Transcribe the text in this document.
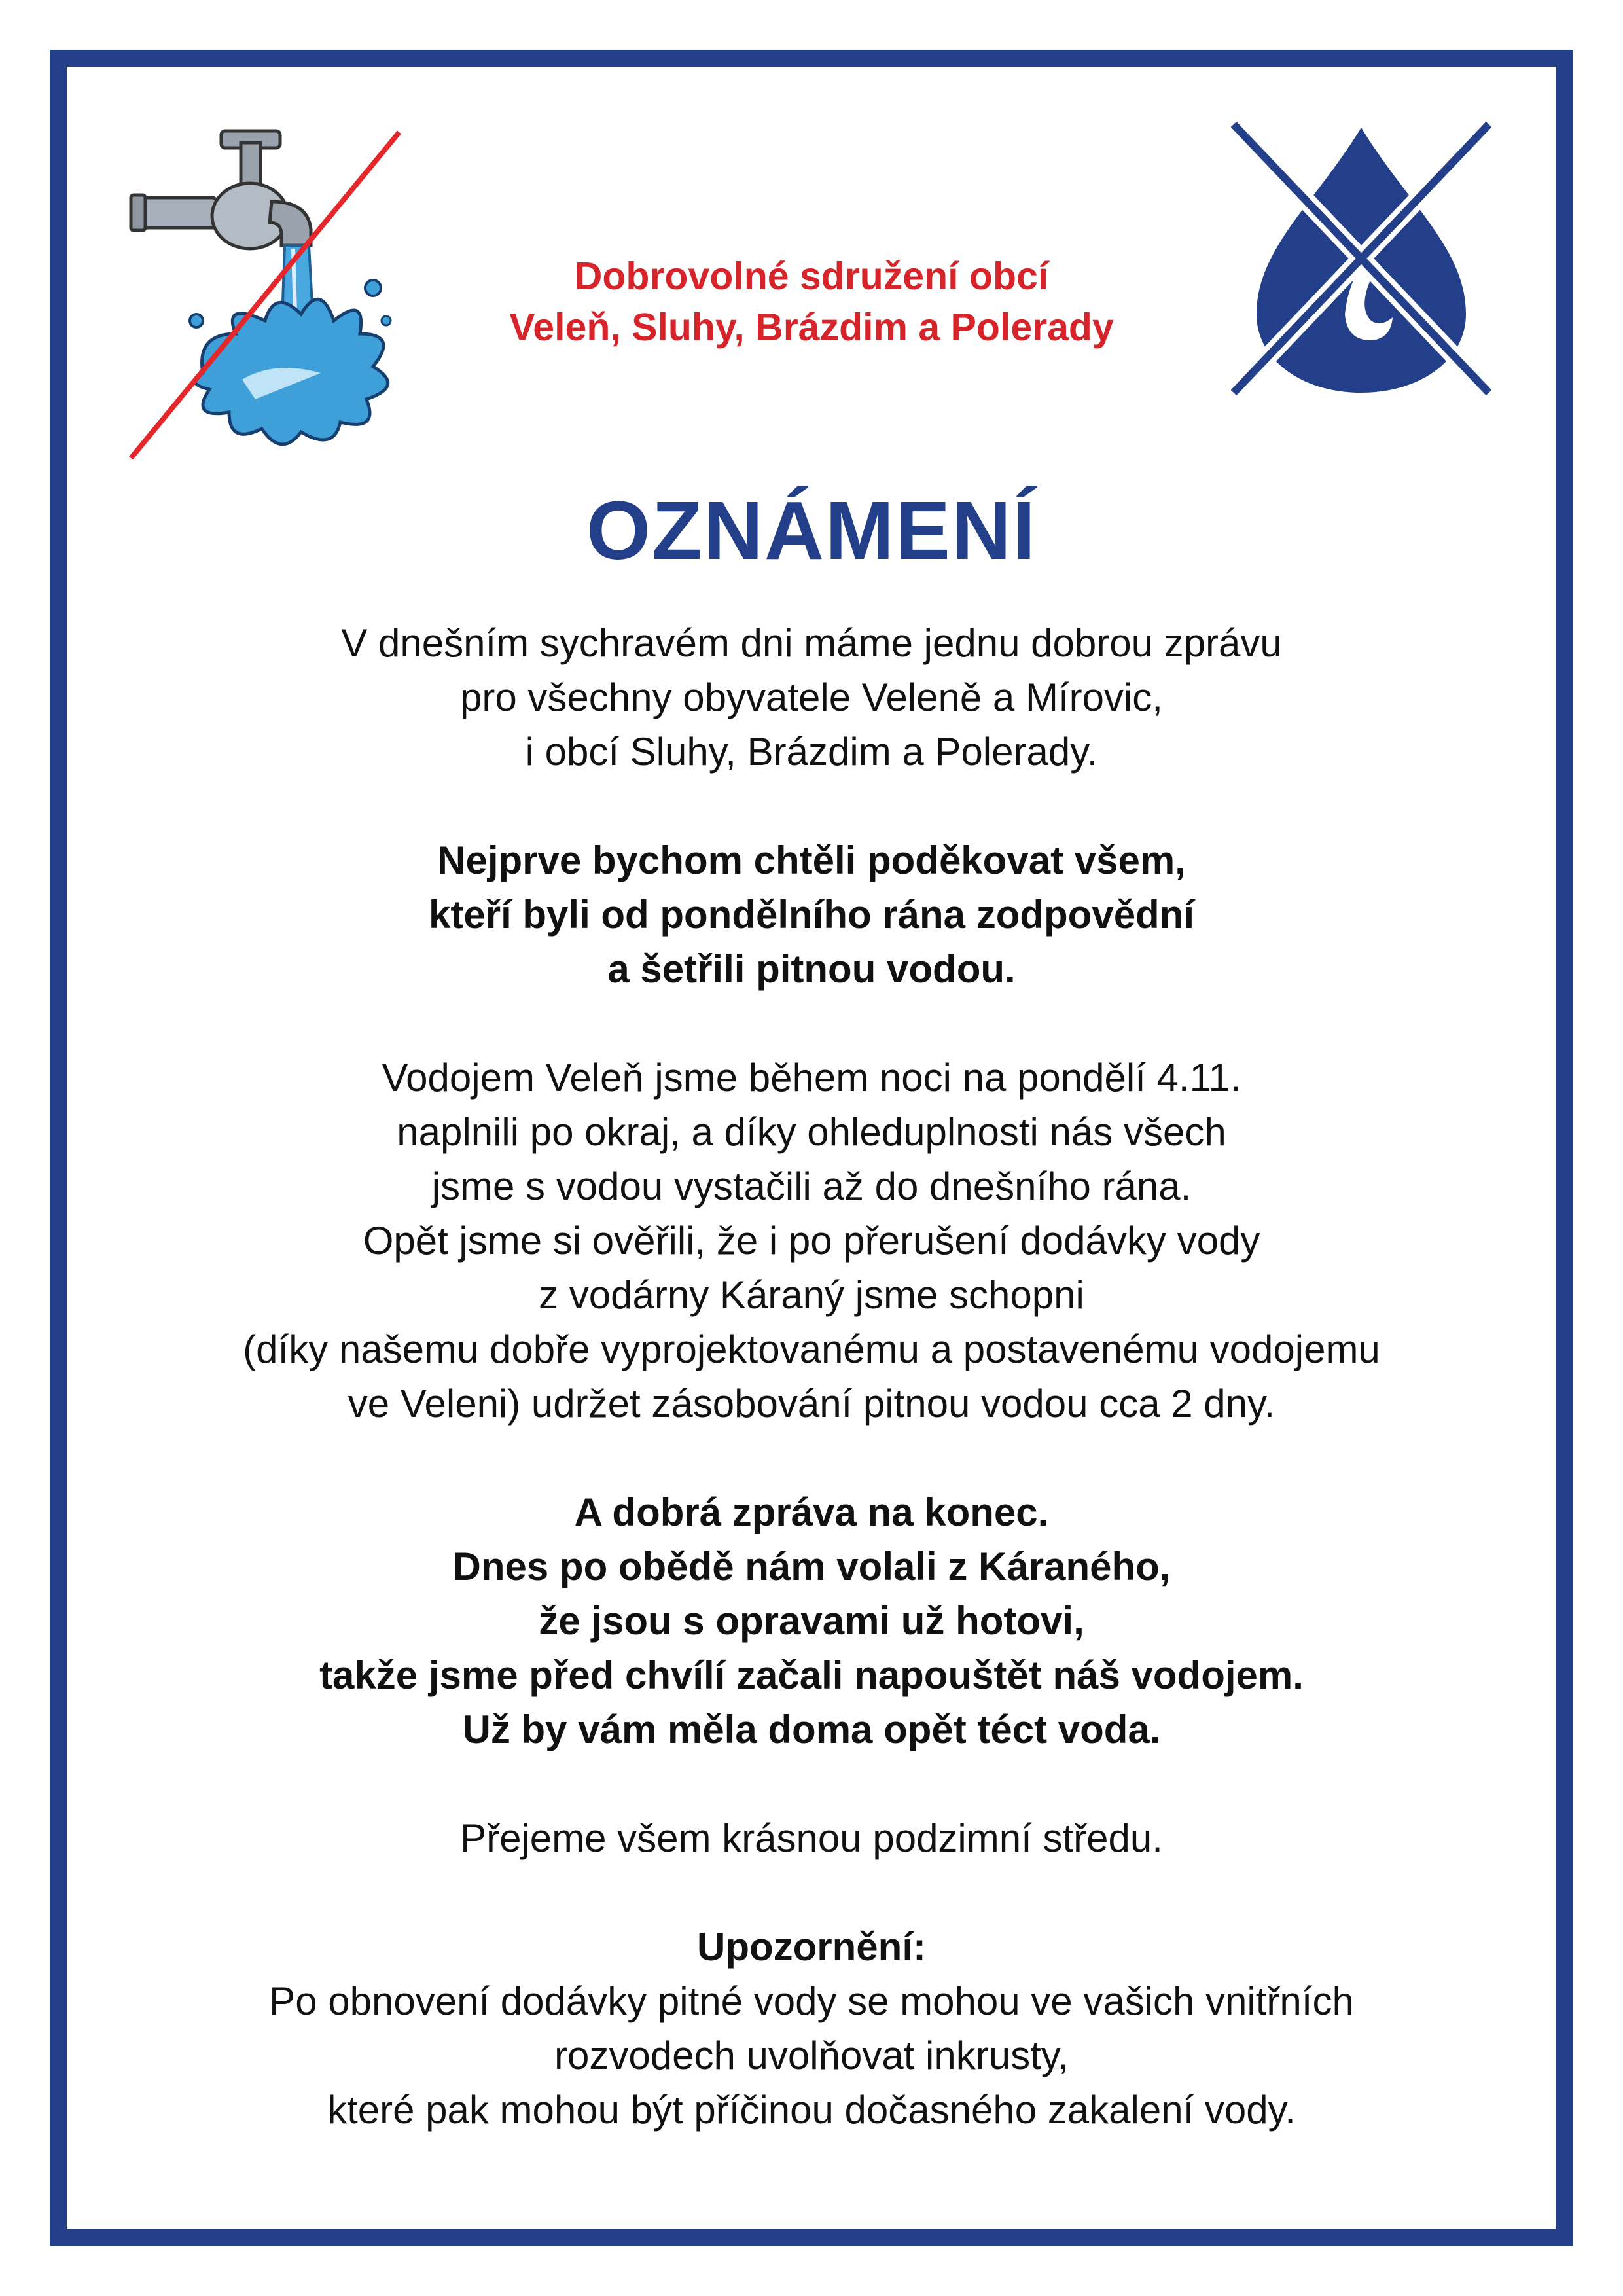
Dobrovolné sdružení obcí
Veleň, Sluhy, Brázdim a Polerady
OZNÁMENÍ
V dnešním sychravém dni máme jednu dobrou zprávu
pro všechny obyvatele Veleně a Mírovic,
i obcí Sluhy, Brázdim a Polerady.
Nejprve bychom chtěli poděkovat všem,
kteří byli od pondělního rána zodpovědní
a šetřili pitnou vodou.
Vodojem Veleň jsme během noci na pondělí 4.11.
naplnili po okraj, a díky ohleduplnosti nás všech
jsme s vodou vystačili až do dnešního rána.
Opět jsme si ověřili, že i po přerušení dodávky vody
z vodárny Káraný jsme schopni
(díky našemu dobře vyprojektovanému a postavenému vodojemu
ve Veleni) udržet zásobování pitnou vodou cca 2 dny.
A dobrá zpráva na konec.
Dnes po obědě nám volali z Káraného,
že jsou s opravami už hotovi,
takže jsme před chvílí začali napouštět náš vodojem.
Už by vám měla doma opět téct voda.
Přejeme všem krásnou podzimní středu.
Upozornění:
Po obnovení dodávky pitné vody se mohou ve vašich vnitřních
rozvodech uvolňovat inkrusty,
které pak mohou být příčinou dočasného zakalení vody.
